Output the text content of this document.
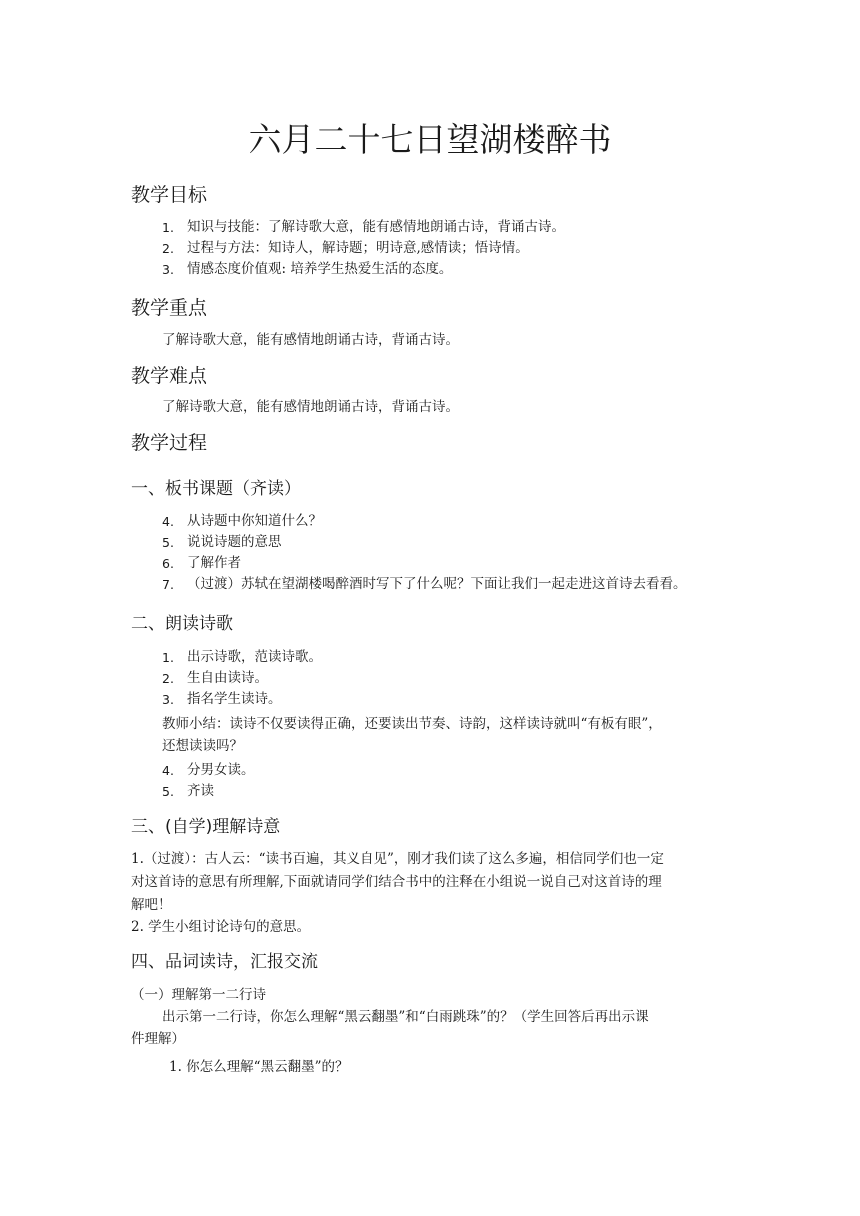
六月二十七日望湖楼醉书
教学目标
1. 知识与技能：了解诗歌大意，能有感情地朗诵古诗，背诵古诗。
2. 过程与方法：知诗人，解诗题；明诗意,感情读；悟诗情。
3. 情感态度价值观: 培养学生热爱生活的态度。
教学重点

了解诗歌大意，能有感情地朗诵古诗，背诵古诗。

教学难点

了解诗歌大意，能有感情地朗诵古诗，背诵古诗。

教学过程
一、板书课题（齐读）
4. 从诗题中你知道什么？
5. 说说诗题的意思
6. 了解作者
7. （过渡）苏轼在望湖楼喝醉酒时写下了什么呢？下面让我们一起走进这首诗去看看。
二、朗读诗歌
1. 出示诗歌，范读诗歌。
2. 生自由读诗。
3. 指名学生读诗。

教师小结：读诗不仅要读得正确，还要读出节奏、诗韵，这样读诗就叫“有板有眼”，

还想读读吗？

4. 分男女读。
5. 齐读
三、(自学)理解诗意

1.（过渡）：古人云：“读书百遍，其义自见”，刚才我们读了这么多遍，相信同学们也一定

对这首诗的意思有所理解,下面就请同学们结合书中的注释在小组说一说自己对这首诗的理

解吧！

2. 学生小组讨论诗句的意思。

四、品词读诗，汇报交流

（一）理解第一二行诗

出示第一二行诗，你怎么理解“黑云翻墨”和“白雨跳珠”的？（学生回答后再出示课

件理解）

1. 你怎么理解“黑云翻墨”的？
